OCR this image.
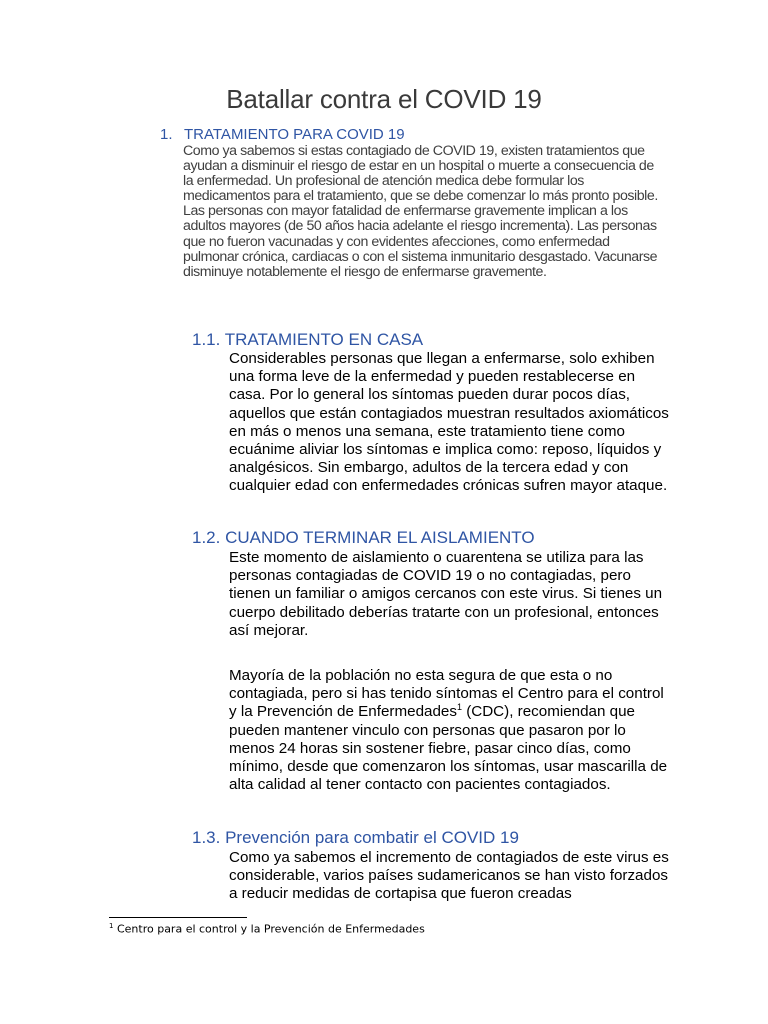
Batallar contra el COVID 19
1. TRATAMIENTO PARA COVID 19

Como ya sabemos si estas contagiado de COVID 19, existen tratamientos que ayudan a disminuir el riesgo de estar en un hospital o muerte a consecuencia de la enfermedad. Un profesional de atención medica debe formular los medicamentos para el tratamiento, que se debe comenzar lo más pronto posible. Las personas con mayor fatalidad de enfermarse gravemente implican a los adultos mayores (de 50 años hacia adelante el riesgo incrementa). Las personas que no fueron vacunadas y con evidentes afecciones, como enfermedad pulmonar crónica, cardiacas o con el sistema inmunitario desgastado. Vacunarse disminuye notablemente el riesgo de enfermarse gravemente.

1.1. TRATAMIENTO EN CASA

Considerables personas que llegan a enfermarse, solo exhiben una forma leve de la enfermedad y pueden restablecerse en casa. Por lo general los síntomas pueden durar pocos días, aquellos que están contagiados muestran resultados axiomáticos en más o menos una semana, este tratamiento tiene como ecuánime aliviar los síntomas e implica como: reposo, líquidos y analgésicos. Sin embargo, adultos de la tercera edad y con cualquier edad con enfermedades crónicas sufren mayor ataque.

1.2. CUANDO TERMINAR EL AISLAMIENTO

Este momento de aislamiento o cuarentena se utiliza para las personas contagiadas de COVID 19 o no contagiadas, pero tienen un familiar o amigos cercanos con este virus. Si tienes un cuerpo debilitado deberías tratarte con un profesional, entonces así mejorar.

Mayoría de la población no esta segura de que esta o no contagiada, pero si has tenido síntomas el Centro para el control y la Prevención de Enfermedades$^1$ (CDC), recomiendan que pueden mantener vinculo con personas que pasaron por lo menos 24 horas sin sostener fiebre, pasar cinco días, como mínimo, desde que comenzaron los síntomas, usar mascarilla de alta calidad al tener contacto con pacientes contagiados.

1.3. Prevención para combatir el COVID 19

Como ya sabemos el incremento de contagiados de este virus es considerable, varios países sudamericanos se han visto forzados a reducir medidas de cortapisa que fueron creadas

$^1$ Centro para el control y la Prevención de Enfermedades
